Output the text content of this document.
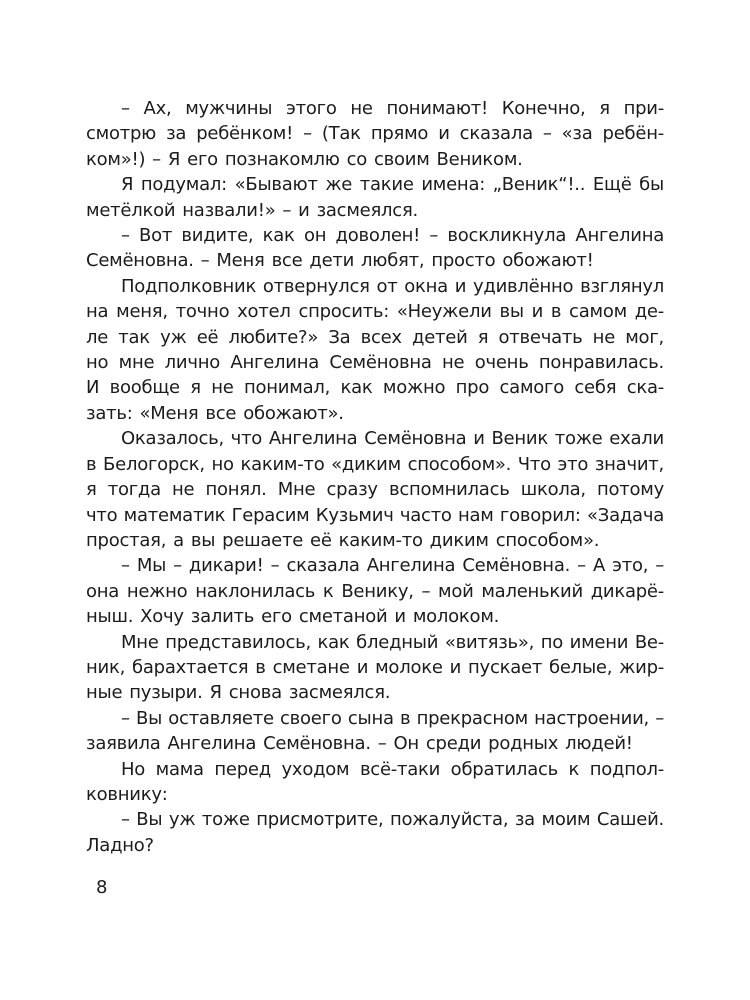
– Ах, мужчины этого не понимают! Конечно, я при-
смотрю за ребёнком! – (Так прямо и сказала – «за ребён-
ком»!) – Я его познакомлю со своим Веником.

Я подумал: «Бывают же такие имена: „Веник“!.. Ещё бы
метёлкой назвали!» – и засмеялся.

– Вот видите, как он доволен! – воскликнула Ангелина
Семёновна. – Меня все дети любят, просто обожают!

Подполковник отвернулся от окна и удивлённо взглянул
на меня, точно хотел спросить: «Неужели вы и в самом де-
ле так уж её любите?» За всех детей я отвечать не мог,
но мне лично Ангелина Семёновна не очень понравилась.
И вообще я не понимал, как можно про самого себя ска-
зать: «Меня все обожают».

Оказалось, что Ангелина Семёновна и Веник тоже ехали
в Белогорск, но каким-то «диким способом». Что это значит,
я тогда не понял. Мне сразу вспомнилась школа, потому
что математик Герасим Кузьмич часто нам говорил: «Задача
простая, а вы решаете её каким-то диким способом».

– Мы – дикари! – сказала Ангелина Семёновна. – А это, –
она нежно наклонилась к Венику, – мой маленький дикарё-
ныш. Хочу залить его сметаной и молоком.

Мне представилось, как бледный «витязь», по имени Ве-
ник, барахтается в сметане и молоке и пускает белые, жир-
ные пузыри. Я снова засмеялся.

– Вы оставляете своего сына в прекрасном настроении, –
заявила Ангелина Семёновна. – Он среди родных людей!

Но мама перед уходом всё-таки обратилась к подпол-
ковнику:

– Вы уж тоже присмотрите, пожалуйста, за моим Сашей.
Ладно?

8
